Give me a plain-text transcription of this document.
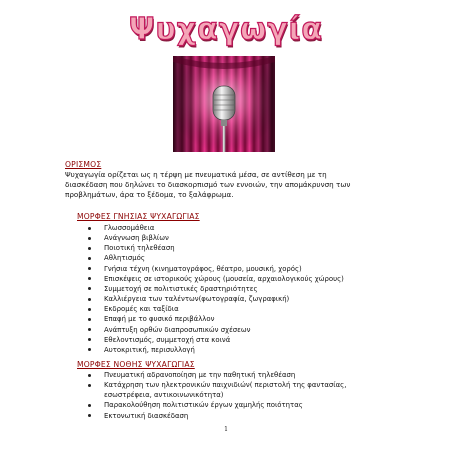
Ψυχαγωγία
ΟΡΙΣΜΟΣ
Ψυχαγωγία ορίζεται ως η τέρψη με πνευματικά μέσα, σε αντίθεση με τη
διασκέδαση που δηλώνει το διασκορπισμό των εννοιών, την απομάκρυνση των
προβλημάτων, άρα το ξέδομα, το ξαλάφρωμα.
ΜΟΡΦΕΣ ΓΝΗΣΙΑΣ ΨΥΧΑΓΩΓΙΑΣ
Γλωσσομάθεια
Ανάγνωση βιβλίων
Ποιοτική τηλεθέαση
Αθλητισμός
Γνήσια τέχνη (κινηματογράφος, θέατρο, μουσική, χορός)
Επισκέψεις σε ιστορικούς χώρους (μουσεία, αρχαιολογικούς χώρους)
Συμμετοχή σε πολιτιστικές δραστηριότητες
Καλλιέργεια των ταλέντων(φωτογραφία, ζωγραφική)
Εκδρομές και ταξίδια
Επαφή με το φυσικό περιβάλλον
Ανάπτυξη ορθών διαπροσωπικών σχέσεων
Εθελοντισμός, συμμετοχή στα κοινά
Αυτοκριτική, περισυλλογή
ΜΟΡΦΕΣ ΝΟΘΗΣ ΨΥΧΑΓΩΓΙΑΣ
Πνευματική αδρανοποίηση με την παθητική τηλεθέαση
Κατάχρηση των ηλεκτρονικών παιχνιδιών( περιστολή της φαντασίας,
εσωστρέφεια, αντικοινωνικότητα)
Παρακολούθηση πολιτιστικών έργων χαμηλής ποιότητας
Εκτονωτική διασκέδαση
1
